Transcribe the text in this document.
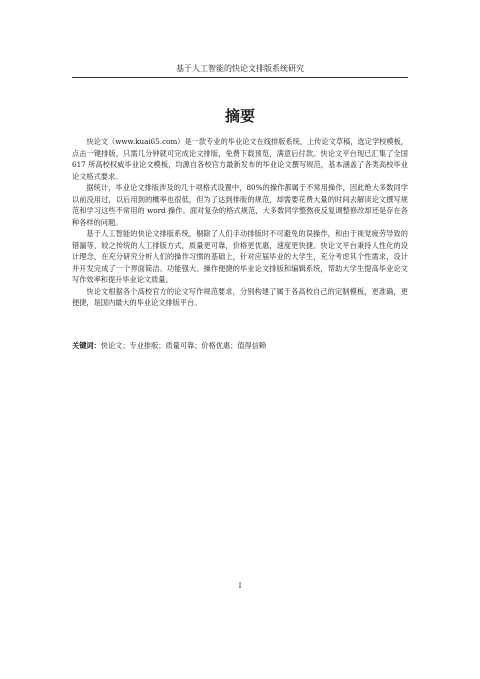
基于人工智能的快论文排版系统研究
摘要

快论文（www.kuai65.com）是一款专业的毕业论文在线排版系统，上传论文草稿，选定学校模板，点击一键排版，只需几分钟就可完成论文排版，免费下载预览，满意后付款。快论文平台现已汇集了全国 617 所高校权威毕业论文模板，均源自各校官方最新发布的毕业论文撰写规范，基本涵盖了各类高校毕业论文格式要求。

据统计，毕业论文排版涉及的几十项格式设置中，80%的操作都属于不常用操作，因此绝大多数同学以前没用过，以后用到的概率也很低，但为了达到排版的规范，却需要花费大量的时间去解读论文撰写规范和学习这些不常用的 word 操作。面对复杂的格式规范，大多数同学整熬夜反复调整修改却还是存在各种各样的问题。

基于人工智能的快论文排版系统，剔除了人们手动排版时不可避免的误操作，和由于视觉疲劳导致的错漏等，较之传统的人工排版方式，质量更可靠，价格更优惠，速度更快捷。快论文平台秉持人性化的设计理念，在充分研究分析人们的操作习惯的基础上，针对应届毕业的大学生，充分考虑其个性需求，设计并开发完成了一个界面简洁、功能强大、操作便捷的毕业论文排版和编辑系统，帮助大学生提高毕业论文写作效率和提升毕业论文质量。

快论文根据各个高校官方的论文写作规范要求，分别构建了属于各高校自己的定制模板，更准确，更便捷，是国内最大的毕业论文排版平台。

关键词：快论文；专业排版；质量可靠；价格优惠；值得信赖

I
